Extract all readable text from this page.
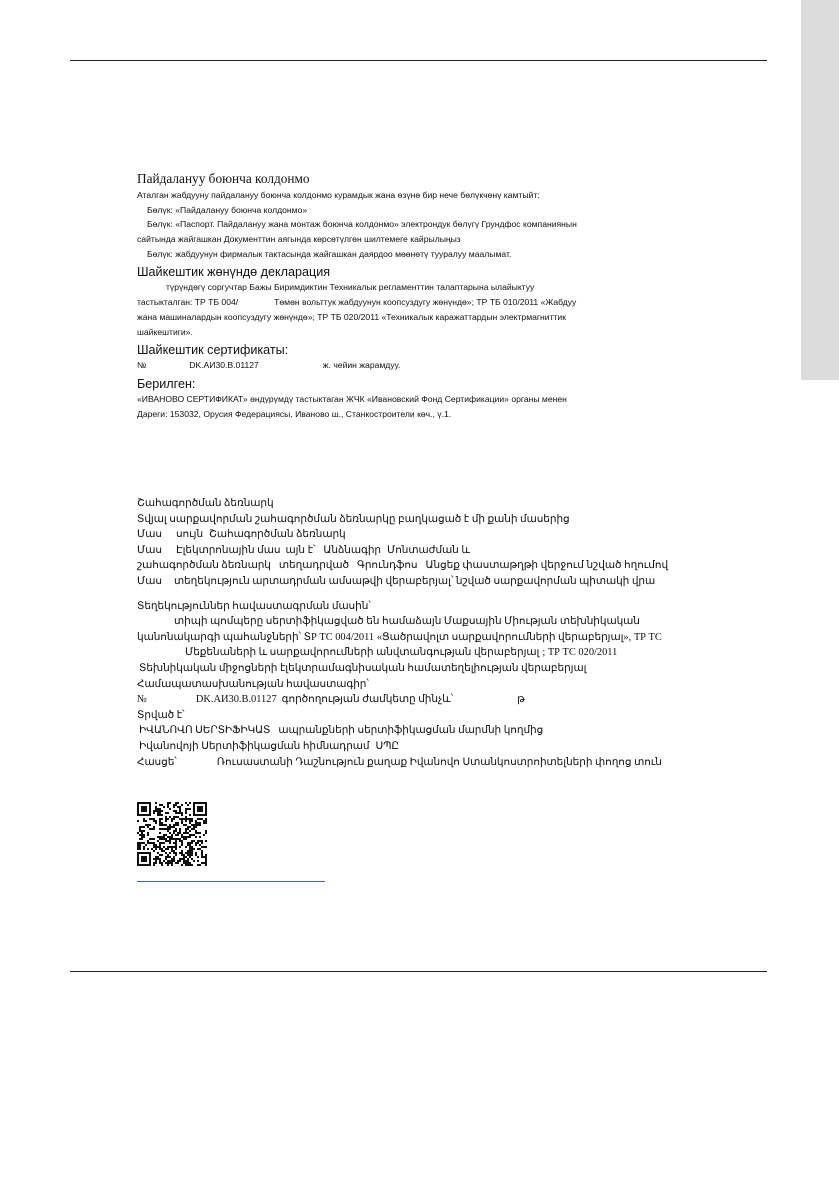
Пайдалануу боюнча колдонмо
Аталган жабдууну пайдалануу боюнча колдонмо курамдык жана өзүнө бир нече бөлүкчөнү камтыйт:
Бөлүк: «Пайдалануу боюнча колдонмо»
Бөлүк: «Паспорт. Пайдалануу жана монтаж боюнча колдонмо» электрондук бөлүгү Грундфос компаниянын
сайтында жайгашкан Документтин аягында көрсөтүлгөн шилтемеге кайрылыңыз
Бөлүк: жабдуунун фирмалык тактасында жайгашкан даярдоо мөөнөтү тууралуу маалымат.
Шайкештик жөнүндө декларация
түрүндөгү соргучтар Бажы Биримдиктин Техникалык регламенттин талаптарына ылайыктуу
тастыкталган: ТР ТБ 004/	Төмөн вольттук жабдуунун коопсуздугу жөнүндө»; ТР ТБ 010/2011 «Жабдуу
жана машиналардын коопсуздугу жөнүндө»; ТР ТБ 020/2011 «Техникалык каражаттардын электрмагниттик
шайкештиги».
Шайкештик сертификаты:
№	DK.АИ30.В.01127	ж. чейин жарамдуу.
Берилген:
«ИВАНОВО СЕРТИФИКАТ» өндүрүмдү тастыктаган ЖЧК «Ивановский Фонд Сертификации» органы менен
Дареги: 153032, Орусия Федерациясы, Иваново ш., Станкостроители көч., ү.1.
Շահագործման ձեռնարկ
Տվյալ սարքավորման շահագործման ձեռնարկը բաղկացած է մի քանի մասերից
Մաս սույն Շահագործման ձեռնարկ
Մաս Էլեկտրոնային մաս այն է՝ Անձնագիր Մոնտաժման և
շահագործման ձեռնարկ տեղադրված Գրունդֆոս Անցեք փաստաթղթի վերջում նշված հղումով
Մաս տեղեկություն արտադրման ամսաթվի վերաբերյալ՝ նշված սարքավորման պիտակի վրա
Տեղեկություններ հավաստագրման մասին՝
տիպի պոմպերը սերտիֆիկացված են համաձայն Մաքսային Միության տեխնիկական
կանոնակարգի պահանջների՝ ՏР ТС 004/2011 «Ցածրավոլտ սարքավորումների վերաբերյալ», ТР ТС
Մեքենաների և սարքավորումների անվտանգության վերաբերյալ ; ТР ТС 020/2011
Տեխնիկական միջոցների էլեկտրամագնիսական համատեղելիության վերաբերյալ
Համապատասխանության հավաստագիր՝
№	DK.АИ30.В.01127 գործողության ժամկետը մինչև՝	թ
Տրված է՝
ԻՎԱՆՈՎՈ ՍԵՐՏԻՖԻԿԱՏ ապրանքների սերտիֆիկացման մարմնի կողմից
Իվանովոյի Սերտիֆիկացման հիմնադրամ ՍՊԸ
Հասցե՝	Ռուսաստանի Դաշնություն քաղաք Իվանովո Ստանկոստրոիտելների փողոց տուն
